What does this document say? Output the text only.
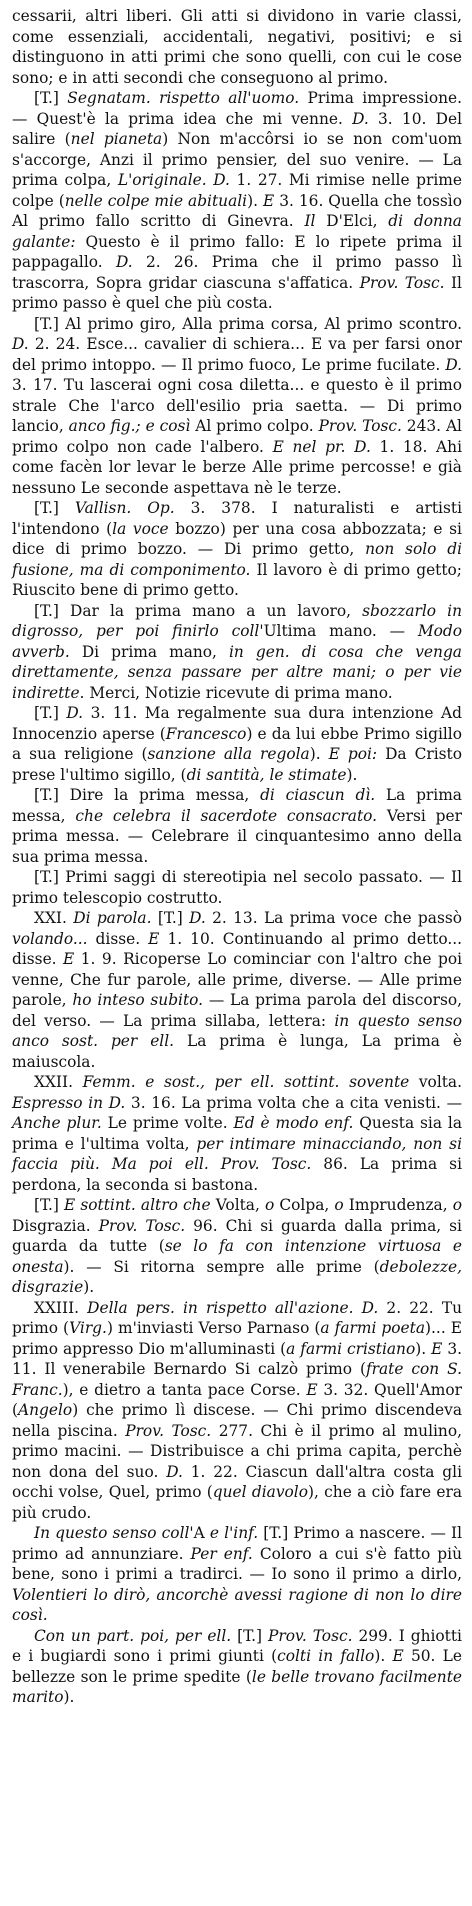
cessarii, altri liberi. Gli atti si dividono in varie classi, come essenziali, accidentali, negativi, positivi; e si distinguono in atti primi che sono quelli, con cui le cose sono; e in atti secondi che conseguono al primo.

[T.] Segnatam. rispetto all'uomo. Prima impressione. — Quest'è la prima idea che mi venne. D. 3. 10. Del salire (nel pianeta) Non m'accôrsi io se non com'uom s'accorge, Anzi il primo pensier, del suo venire. — La prima colpa, L'originale. D. 1. 27. Mi rimise nelle prime colpe (nelle colpe mie abituali). E 3. 16. Quella che tossìo Al primo fallo scritto di Ginevra. Il D'Elci, di donna galante: Questo è il primo fallo: E lo ripete prima il pappagallo. D. 2. 26. Prima che il primo passo lì trascorra, Sopra gridar ciascuna s'affatica. Prov. Tosc. Il primo passo è quel che più costa.

[T.] Al primo giro, Alla prima corsa, Al primo scontro. D. 2. 24. Esce... cavalier di schiera... E va per farsi onor del primo intoppo. — Il primo fuoco, Le prime fucilate. D. 3. 17. Tu lascerai ogni cosa diletta... e questo è il primo strale Che l'arco dell'esilio pria saetta. — Di primo lancio, anco fig.; e così Al primo colpo. Prov. Tosc. 243. Al primo colpo non cade l'albero. E nel pr. D. 1. 18. Ahi come facèn lor levar le berze Alle prime percosse! e già nessuno Le seconde aspettava nè le terze.

[T.] Vallisn. Op. 3. 378. I naturalisti e artisti l'intendono (la voce bozzo) per una cosa abbozzata; e si dice di primo bozzo. — Di primo getto, non solo di fusione, ma di componimento. Il lavoro è di primo getto; Riuscito bene di primo getto.

[T.] Dar la prima mano a un lavoro, sbozzarlo in digrosso, per poi finirlo coll'Ultima mano. — Modo avverb. Di prima mano, in gen. di cosa che venga direttamente, senza passare per altre mani; o per vie indirette. Merci, Notizie ricevute di prima mano.

[T.] D. 3. 11. Ma regalmente sua dura intenzione Ad Innocenzio aperse (Francesco) e da lui ebbe Primo sigillo a sua religione (sanzione alla regola). E poi: Da Cristo prese l'ultimo sigillo, (di santità, le stimate).

[T.] Dire la prima messa, di ciascun dì. La prima messa, che celebra il sacerdote consacrato. Versi per prima messa. — Celebrare il cinquantesimo anno della sua prima messa.

[T.] Primi saggi di stereotipia nel secolo passato. — Il primo telescopio costrutto.

XXI. Di parola. [T.] D. 2. 13. La prima voce che passò volando... disse. E 1. 10. Continuando al primo detto... disse. E 1. 9. Ricoperse Lo cominciar con l'altro che poi venne, Che fur parole, alle prime, diverse. — Alle prime parole, ho inteso subito. — La prima parola del discorso, del verso. — La prima sillaba, lettera: in questo senso anco sost. per ell. La prima è lunga, La prima è maiuscola.

XXII. Femm. e sost., per ell. sottint. sovente volta. Espresso in D. 3. 16. La prima volta che a cita venisti. — Anche plur. Le prime volte. Ed è modo enf. Questa sia la prima e l'ultima volta, per intimare minacciando, non si faccia più. Ma poi ell. Prov. Tosc. 86. La prima si perdona, la seconda si bastona.

[T.] E sottint. altro che Volta, o Colpa, o Imprudenza, o Disgrazia. Prov. Tosc. 96. Chi si guarda dalla prima, si guarda da tutte (se lo fa con intenzione virtuosa e onesta). — Si ritorna sempre alle prime (debolezze, disgrazie).

XXIII. Della pers. in rispetto all'azione. D. 2. 22. Tu primo (Virg.) m'inviasti Verso Parnaso (a farmi poeta)... E primo appresso Dio m'alluminasti (a farmi cristiano). E 3. 11. Il venerabile Bernardo Si calzò primo (frate con S. Franc.), e dietro a tanta pace Corse. E 3. 32. Quell'Amor (Angelo) che primo lì discese. — Chi primo discendeva nella piscina. Prov. Tosc. 277. Chi è il primo al mulino, primo macini. — Distribuisce a chi prima capita, perchè non dona del suo. D. 1. 22. Ciascun dall'altra costa gli occhi volse, Quel, primo (quel diavolo), che a ciò fare era più crudo.

In questo senso coll'A e l'inf. [T.] Primo a nascere. — Il primo ad annunziare. Per enf. Coloro a cui s'è fatto più bene, sono i primi a tradirci. — Io sono il primo a dirlo, Volentieri lo dirò, ancorchè avessi ragione di non lo dire così.

Con un part. poi, per ell. [T.] Prov. Tosc. 299. I ghiotti e i bugiardi sono i primi giunti (colti in fallo). E 50. Le bellezze son le prime spedite (le belle trovano facilmente marito).
